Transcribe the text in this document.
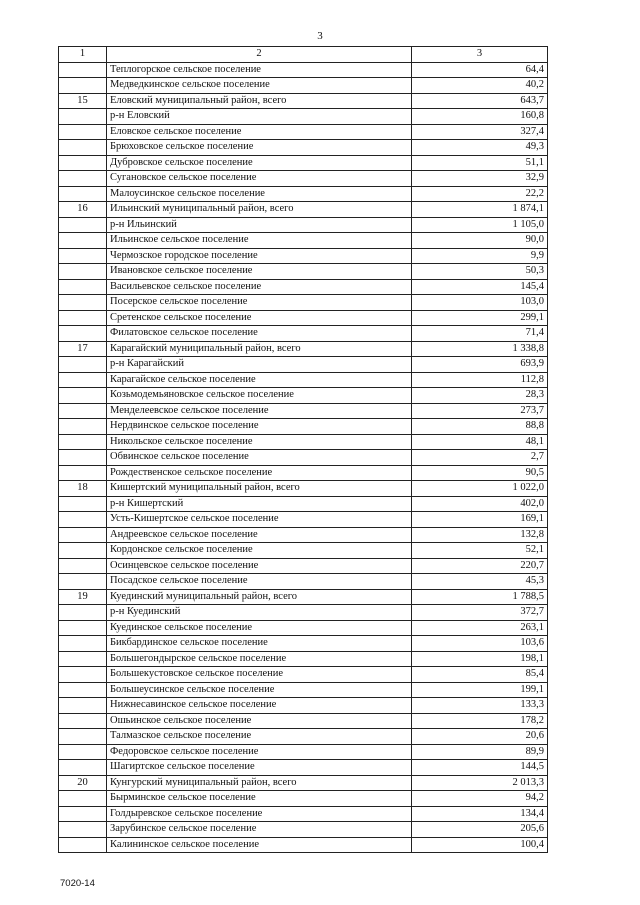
3
1	2	3
	Теплогорское сельское поселение	64,4
	Медведкинское сельское поселение	40,2
15	Еловский муниципальный район, всего	643,7
	р-н Еловский	160,8
	Еловское сельское поселение	327,4
	Брюховское сельское поселение	49,3
	Дубровское сельское поселение	51,1
	Сугановское сельское поселение	32,9
	Малоусинское сельское поселение	22,2
16	Ильинский муниципальный район, всего	1 874,1
	р-н Ильинский	1 105,0
	Ильинское сельское поселение	90,0
	Чермозское городское поселение	9,9
	Ивановское сельское поселение	50,3
	Васильевское сельское поселение	145,4
	Посерское сельское поселение	103,0
	Сретенское сельское поселение	299,1
	Филатовское сельское поселение	71,4
17	Карагайский муниципальный район, всего	1 338,8
	р-н Карагайский	693,9
	Карагайское сельское поселение	112,8
	Козьмодемьяновское сельское поселение	28,3
	Менделеевское сельское поселение	273,7
	Нердвинское сельское поселение	88,8
	Никольское сельское поселение	48,1
	Обвинское сельское поселение	2,7
	Рождественское сельское поселение	90,5
18	Кишертский муниципальный район, всего	1 022,0
	р-н Кишертский	402,0
	Усть-Кишертское сельское поселение	169,1
	Андреевское сельское поселение	132,8
	Кордонское сельское поселение	52,1
	Осинцевское сельское поселение	220,7
	Посадское сельское поселение	45,3
19	Куединский муниципальный район, всего	1 788,5
	р-н Куединский	372,7
	Куединское сельское поселение	263,1
	Бикбардинское сельское поселение	103,6
	Большегондырское сельское поселение	198,1
	Большекустовское сельское поселение	85,4
	Большеусинское сельское поселение	199,1
	Нижнесавинское сельское поселение	133,3
	Ошьинское сельское поселение	178,2
	Талмазское сельское поселение	20,6
	Федоровское сельское поселение	89,9
	Шагиртское сельское поселение	144,5
20	Кунгурский муниципальный район, всего	2 013,3
	Бырминское сельское поселение	94,2
	Голдыревское сельское поселение	134,4
	Зарубинское сельское поселение	205,6
	Калининское сельское поселение	100,4
7020-14
